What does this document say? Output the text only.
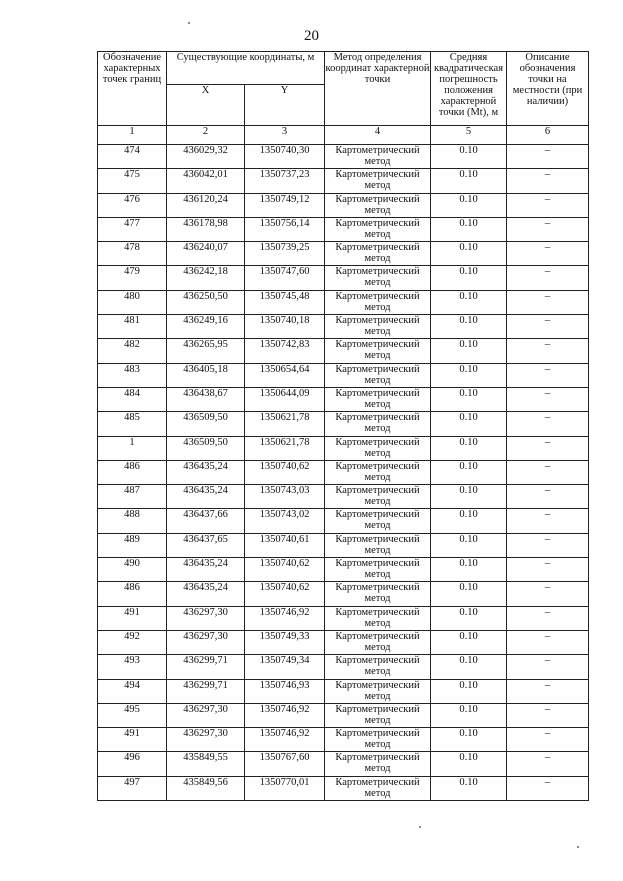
20
Обозначение характерных точек границ	Существующие координаты, м		Метод определения координат характерной точки	Средняя квадратическая погрешность положения характерной точки (Mt), м	Описание обозначения точки на местности (при наличии)
	X	Y			
1	2	3	4	5	6
474	436029,32	1350740,30	Картометрический метод	0.10	–
475	436042,01	1350737,23	Картометрический метод	0.10	–
476	436120,24	1350749,12	Картометрический метод	0.10	–
477	436178,98	1350756,14	Картометрический метод	0.10	–
478	436240,07	1350739,25	Картометрический метод	0.10	–
479	436242,18	1350747,60	Картометрический метод	0.10	–
480	436250,50	1350745,48	Картометрический метод	0.10	–
481	436249,16	1350740,18	Картометрический метод	0.10	–
482	436265,95	1350742,83	Картометрический метод	0.10	–
483	436405,18	1350654,64	Картометрический метод	0.10	–
484	436438,67	1350644,09	Картометрический метод	0.10	–
485	436509,50	1350621,78	Картометрический метод	0.10	–
1	436509,50	1350621,78	Картометрический метод	0.10	–
486	436435,24	1350740,62	Картометрический метод	0.10	–
487	436435,24	1350743,03	Картометрический метод	0.10	–
488	436437,66	1350743,02	Картометрический метод	0.10	–
489	436437,65	1350740,61	Картометрический метод	0.10	–
490	436435,24	1350740,62	Картометрический метод	0.10	–
486	436435,24	1350740,62	Картометрический метод	0.10	–
491	436297,30	1350746,92	Картометрический метод	0.10	–
492	436297,30	1350749,33	Картометрический метод	0.10	–
493	436299,71	1350749,34	Картометрический метод	0.10	–
494	436299,71	1350746,93	Картометрический метод	0.10	–
495	436297,30	1350746,92	Картометрический метод	0.10	–
491	436297,30	1350746,92	Картометрический метод	0.10	–
496	435849,55	1350767,60	Картометрический метод	0.10	–
497	435849,56	1350770,01	Картометрический метод	0.10	–
